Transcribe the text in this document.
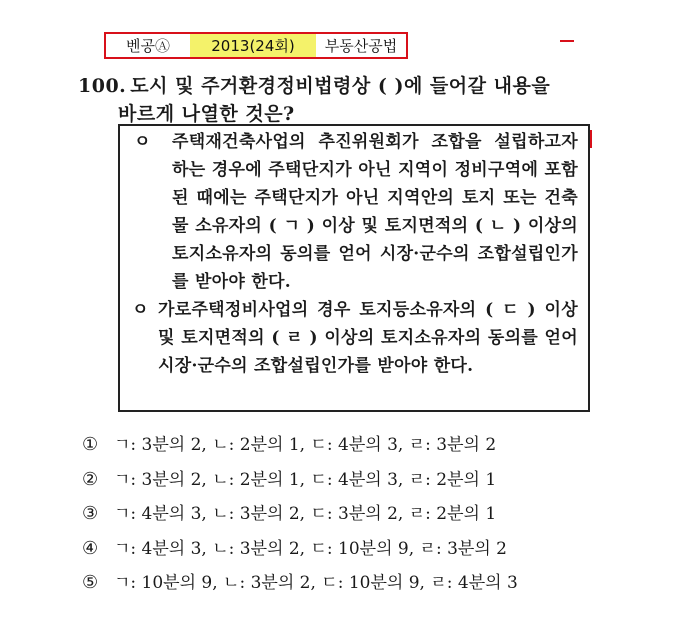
벤공Ⓐ	2013(24회)	부동산공법
100. 도시 및 주거환경정비법령상 ( )에 들어갈 내용을
바르게 나열한 것은?
ㅇ	주택재건축사업의 추진위원회가 조합을 설립하고자 하는 경우에 주택단지가 아닌 지역이 정비구역에 포함된 때에는 주택단지가 아닌 지역안의 토지 또는 건축물 소유자의 ( ㄱ ) 이상 및 토지면적의 ( ㄴ ) 이상의 토지소유자의 동의를 얻어 시장·군수의 조합설립인가를 받아야 한다.
ㅇ 가로주택정비사업의 경우 토지등소유자의 ( ㄷ ) 이상 및 토지면적의 ( ㄹ ) 이상의 토지소유자의 동의를 얻어 시장·군수의 조합설립인가를 받아야 한다.
① ㄱ: 3분의 2, ㄴ: 2분의 1, ㄷ: 4분의 3, ㄹ: 3분의 2
② ㄱ: 3분의 2, ㄴ: 2분의 1, ㄷ: 4분의 3, ㄹ: 2분의 1
③ ㄱ: 4분의 3, ㄴ: 3분의 2, ㄷ: 3분의 2, ㄹ: 2분의 1
④ ㄱ: 4분의 3, ㄴ: 3분의 2, ㄷ: 10분의 9, ㄹ: 3분의 2
⑤ ㄱ: 10분의 9, ㄴ: 3분의 2, ㄷ: 10분의 9, ㄹ: 4분의 3
